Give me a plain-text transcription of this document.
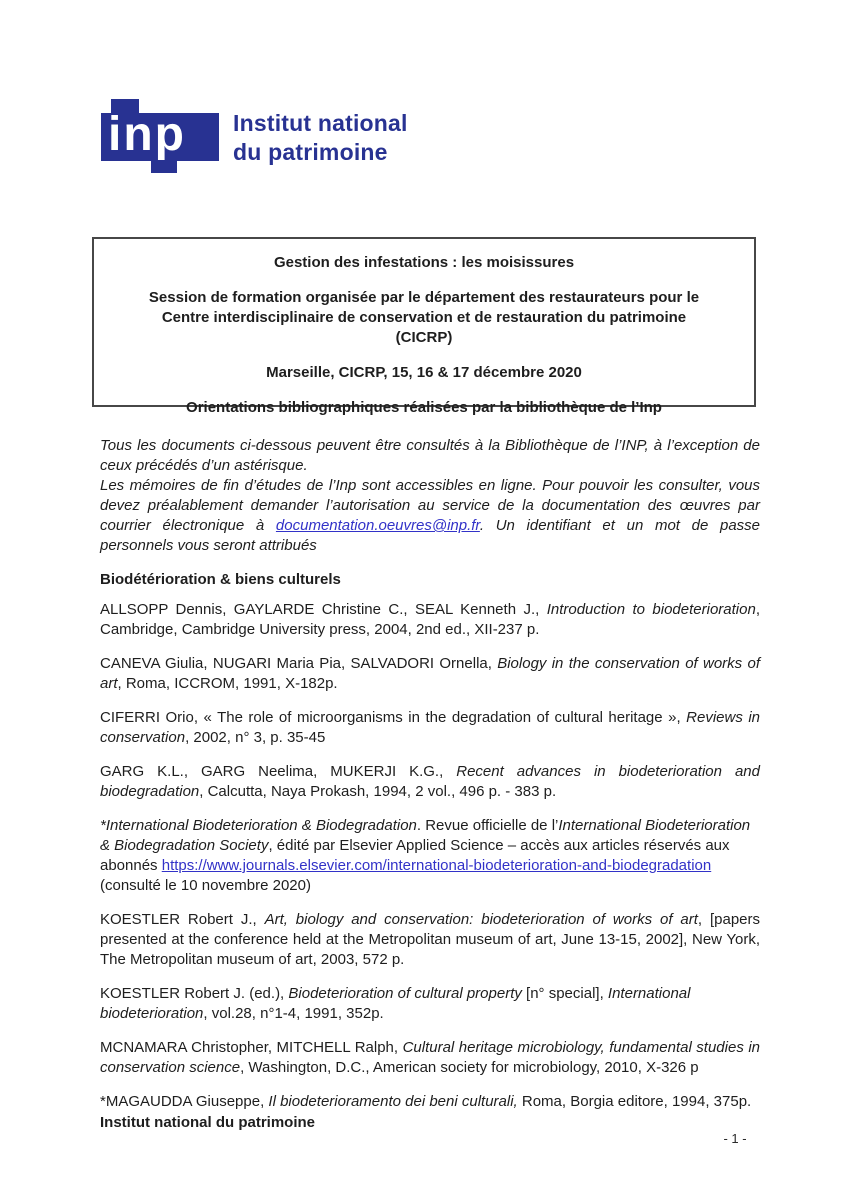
inp Institut national
du patrimoine

Gestion des infestations : les moisissures

Session de formation organisée par le département des restaurateurs pour le Centre interdisciplinaire de conservation et de restauration du patrimoine (CICRP)

Marseille, CICRP, 15, 16 & 17 décembre 2020

Orientations bibliographiques réalisées par la bibliothèque de l’Inp

Tous les documents ci-dessous peuvent être consultés à la Bibliothèque de l’INP, à l’exception de ceux précédés d’un astérisque.

Les mémoires de fin d’études de l’Inp sont accessibles en ligne. Pour pouvoir les consulter, vous devez préalablement demander l’autorisation au service de la documentation des œuvres par courrier électronique à documentation.oeuvres@inp.fr. Un identifiant et un mot de passe personnels vous seront attribués

Biodétérioration & biens culturels

ALLSOPP Dennis, GAYLARDE Christine C., SEAL Kenneth J., Introduction to biodeterioration, Cambridge, Cambridge University press, 2004, 2nd ed., XII-237 p.

CANEVA Giulia, NUGARI Maria Pia, SALVADORI Ornella, Biology in the conservation of works of art, Roma, ICCROM, 1991, X-182p.

CIFERRI Orio, « The role of microorganisms in the degradation of cultural heritage », Reviews in conservation, 2002, n° 3, p. 35-45

GARG K.L., GARG Neelima, MUKERJI K.G., Recent advances in biodeterioration and biodegradation, Calcutta, Naya Prokash, 1994, 2 vol., 496 p. - 383 p.

*International Biodeterioration & Biodegradation. Revue officielle de l’International Biodeterioration & Biodegradation Society, édité par Elsevier Applied Science – accès aux articles réservés aux abonnés https://www.journals.elsevier.com/international-biodeterioration-and-biodegradation (consulté le 10 novembre 2020)

KOESTLER Robert J., Art, biology and conservation: biodeterioration of works of art, [papers presented at the conference held at the Metropolitan museum of art, June 13-15, 2002], New York, The Metropolitan museum of art, 2003, 572 p.

KOESTLER Robert J. (ed.), Biodeterioration of cultural property [n° special], International biodeterioration, vol.28, n°1-4, 1991, 352p.

MCNAMARA Christopher, MITCHELL Ralph, Cultural heritage microbiology, fundamental studies in conservation science, Washington, D.C., American society for microbiology, 2010, X-326 p

*MAGAUDDA Giuseppe, Il biodeterioramento dei beni culturali, Roma, Borgia editore, 1994, 375p.

Institut national du patrimoine
- 1 -
